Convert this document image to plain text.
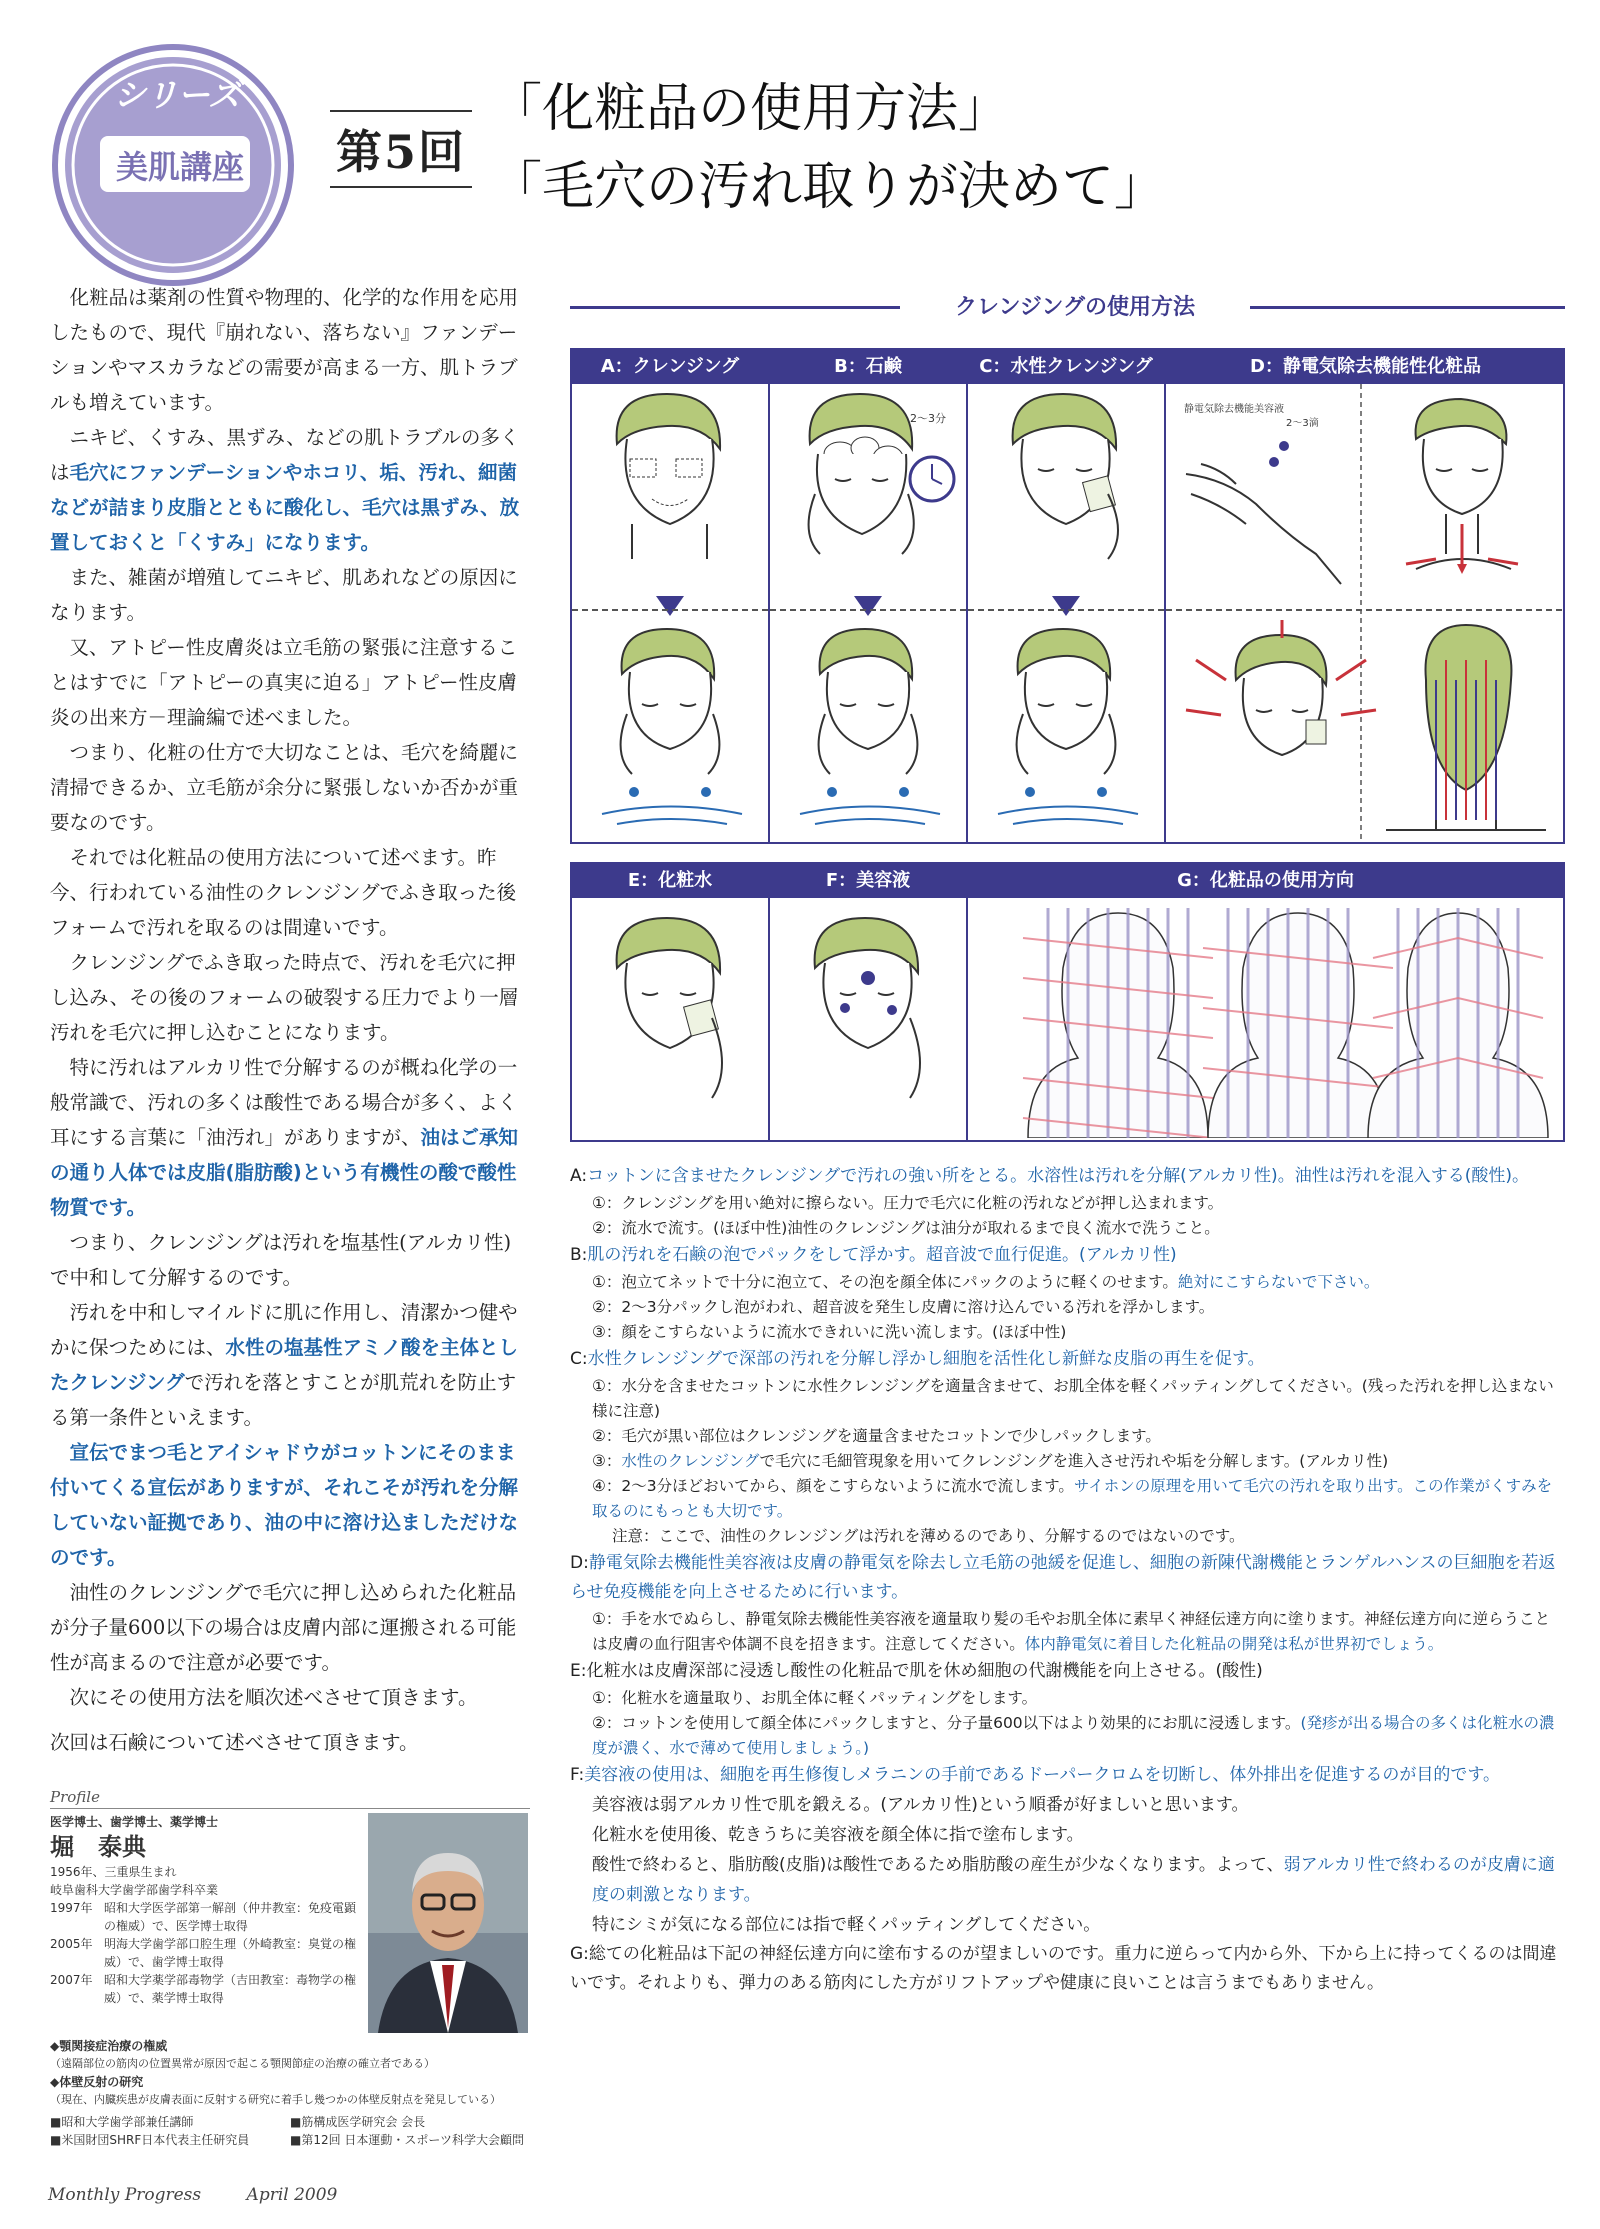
シリーズ
美肌講座	第5回
「化粧品の使用方法」
「毛穴の汚れ取りが決めて」

化粧品は薬剤の性質や物理的、化学的な作用を応用したもので、現代『崩れない、落ちない』ファンデーションやマスカラなどの需要が高まる一方、肌トラブルも増えています。

ニキビ、くすみ、黒ずみ、などの肌トラブルの多くは毛穴にファンデーションやホコリ、垢、汚れ、細菌などが詰まり皮脂とともに酸化し、毛穴は黒ずみ、放置しておくと「くすみ」になります。

また、雑菌が増殖してニキビ、肌あれなどの原因になります。

又、アトピー性皮膚炎は立毛筋の緊張に注意することはすでに「アトピーの真実に迫る」アトピー性皮膚炎の出来方－理論編で述べました。

つまり、化粧の仕方で大切なことは、毛穴を綺麗に清掃できるか、立毛筋が余分に緊張しないか否かが重要なのです。

それでは化粧品の使用方法について述べます。昨今、行われている油性のクレンジングでふき取った後フォームで汚れを取るのは間違いです。

クレンジングでふき取った時点で、汚れを毛穴に押し込み、その後のフォームの破裂する圧力でより一層汚れを毛穴に押し込むことになります。

特に汚れはアルカリ性で分解するのが概ね化学の一般常識で、汚れの多くは酸性である場合が多く、よく耳にする言葉に「油汚れ」がありますが、油はご承知の通り人体では皮脂(脂肪酸)という有機性の酸で酸性物質です。

つまり、クレンジングは汚れを塩基性(アルカリ性)で中和して分解するのです。

汚れを中和しマイルドに肌に作用し、清潔かつ健やかに保つためには、水性の塩基性アミノ酸を主体としたクレンジングで汚れを落とすことが肌荒れを防止する第一条件といえます。

宣伝でまつ毛とアイシャドウがコットンにそのまま付いてくる宣伝がありますが、それこそが汚れを分解していない証拠であり、油の中に溶け込ましただけなのです。

油性のクレンジングで毛穴に押し込められた化粧品が分子量600以下の場合は皮膚内部に運搬される可能性が高まるので注意が必要です。

次にその使用方法を順次述べさせて頂きます。

次回は石鹸について述べさせて頂きます。

Profile
医学博士、歯学博士、薬学博士
堀　泰典
1956年、三重県生まれ
岐阜歯科大学歯学部歯学科卒業
1997年 昭和大学医学部第一解剖（仲井教室：免疫電顕の権威）で、医学博士取得
2005年 明海大学歯学部口腔生理（外崎教室：臭覚の権威）で、歯学博士取得
2007年 昭和大学薬学部毒物学（吉田教室：毒物学の権威）で、薬学博士取得
◆顎関接症治療の権威
（遠隔部位の筋肉の位置異常が原因で起こる顎関節症の治療の確立者である）
◆体壁反射の研究
（現在、内臓疾患が皮膚表面に反射する研究に着手し幾つかの体壁反射点を発見している）
■昭和大学歯学部兼任講師	■筋構成医学研究会 会長
■米国財団SHRF日本代表主任研究員	■第12回 日本運動・スポーツ科学大会顧問
Monthly Progress	April 2009
クレンジングの使用方法
A：クレンジング	B：石鹸
2～3分
C：水性クレンジング	D：静電気除去機能性化粧品
静電気除去機能美容液
2～3滴
E：化粧水	F：美容液	G：化粧品の使用方向
A:コットンに含ませたクレンジングで汚れの強い所をとる。水溶性は汚れを分解(アルカリ性)。油性は汚れを混入する(酸性)。
①：クレンジングを用い絶対に擦らない。圧力で毛穴に化粧の汚れなどが押し込まれます。
②：流水で流す。(ほぼ中性)油性のクレンジングは油分が取れるまで良く流水で洗うこと。
B:肌の汚れを石鹸の泡でパックをして浮かす。超音波で血行促進。(アルカリ性)
①：泡立てネットで十分に泡立て、その泡を顔全体にパックのように軽くのせます。絶対にこすらないで下さい。
②：2～3分パックし泡がわれ、超音波を発生し皮膚に溶け込んでいる汚れを浮かします。
③：顔をこすらないように流水できれいに洗い流します。(ほぼ中性)
C:水性クレンジングで深部の汚れを分解し浮かし細胞を活性化し新鮮な皮脂の再生を促す。
①：水分を含ませたコットンに水性クレンジングを適量含ませて、お肌全体を軽くパッティングしてください。(残った汚れを押し込まない様に注意)
②：毛穴が黒い部位はクレンジングを適量含ませたコットンで少しパックします。
③：水性のクレンジングで毛穴に毛細管現象を用いてクレンジングを進入させ汚れや垢を分解します。(アルカリ性)
④：2～3分ほどおいてから、顔をこすらないように流水で流します。サイホンの原理を用いて毛穴の汚れを取り出す。この作業がくすみを取るのにもっとも大切です。
注意：ここで、油性のクレンジングは汚れを薄めるのであり、分解するのではないのです。
D:静電気除去機能性美容液は皮膚の静電気を除去し立毛筋の弛緩を促進し、細胞の新陳代謝機能とランゲルハンスの巨細胞を若返らせ免疫機能を向上させるために行います。
①：手を水でぬらし、静電気除去機能性美容液を適量取り髪の毛やお肌全体に素早く神経伝達方向に塗ります。神経伝達方向に逆らうことは皮膚の血行阻害や体調不良を招きます。注意してください。体内静電気に着目した化粧品の開発は私が世界初でしょう。
E:化粧水は皮膚深部に浸透し酸性の化粧品で肌を休め細胞の代謝機能を向上させる。(酸性)
①：化粧水を適量取り、お肌全体に軽くパッティングをします。
②：コットンを使用して顔全体にパックしますと、分子量600以下はより効果的にお肌に浸透します。(発疹が出る場合の多くは化粧水の濃度が濃く、水で薄めて使用しましょう。)
F:美容液の使用は、細胞を再生修復しメラニンの手前であるドーパークロムを切断し、体外排出を促進するのが目的です。
美容液は弱アルカリ性で肌を鍛える。(アルカリ性)という順番が好ましいと思います。
化粧水を使用後、乾きうちに美容液を顔全体に指で塗布します。
酸性で終わると、脂肪酸(皮脂)は酸性であるため脂肪酸の産生が少なくなります。よって、弱アルカリ性で終わるのが皮膚に適度の刺激となります。
特にシミが気になる部位には指で軽くパッティングしてください。
G:総ての化粧品は下記の神経伝達方向に塗布するのが望ましいのです。重力に逆らって内から外、下から上に持ってくるのは間違いです。それよりも、弾力のある筋肉にした方がリフトアップや健康に良いことは言うまでもありません。
